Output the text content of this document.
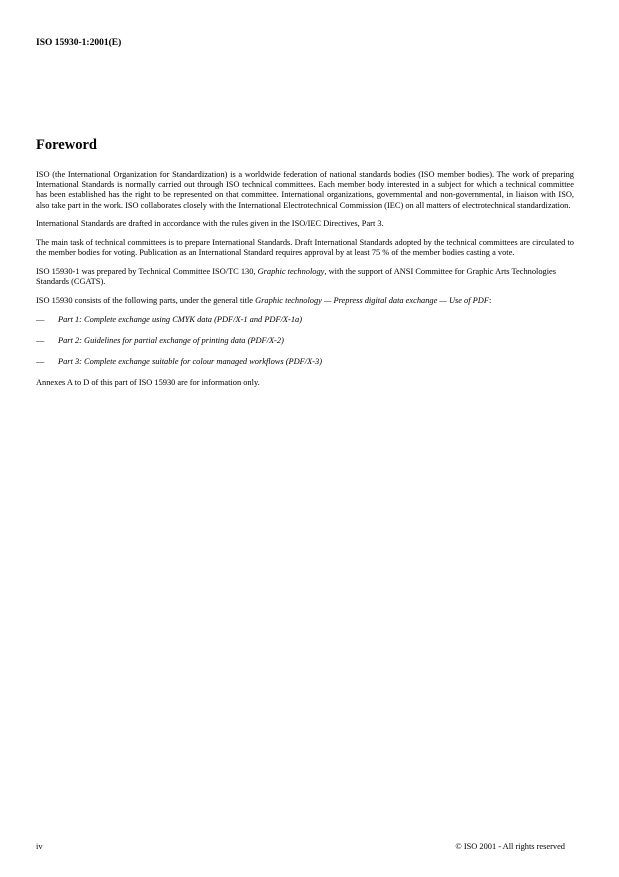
ISO 15930-1:2001(E)
Foreword

ISO (the International Organization for Standardization) is a worldwide federation of national standards bodies (ISO member bodies). The work of preparing International Standards is normally carried out through ISO technical committees. Each member body interested in a subject for which a technical committee has been established has the right to be represented on that committee. International organizations, governmental and non-governmental, in liaison with ISO, also take part in the work. ISO collaborates closely with the International Electrotechnical Commission (IEC) on all matters of electrotechnical standardization.

International Standards are drafted in accordance with the rules given in the ISO/IEC Directives, Part 3.

The main task of technical committees is to prepare International Standards. Draft International Standards adopted by the technical committees are circulated to the member bodies for voting. Publication as an International Standard requires approval by at least 75 % of the member bodies casting a vote.

ISO 15930-1 was prepared by Technical Committee ISO/TC 130, Graphic technology, with the support of ANSI Committee for Graphic Arts Technologies Standards (CGATS).

ISO 15930 consists of the following parts, under the general title Graphic technology — Prepress digital data exchange — Use of PDF:

— Part 1: Complete exchange using CMYK data (PDF/X-1 and PDF/X-1a)
— Part 2: Guidelines for partial exchange of printing data (PDF/X-2)
— Part 3: Complete exchange suitable for colour managed workflows (PDF/X-3)

Annexes A to D of this part of ISO 15930 are for information only.

iv	© ISO 2001 - All rights reserved
